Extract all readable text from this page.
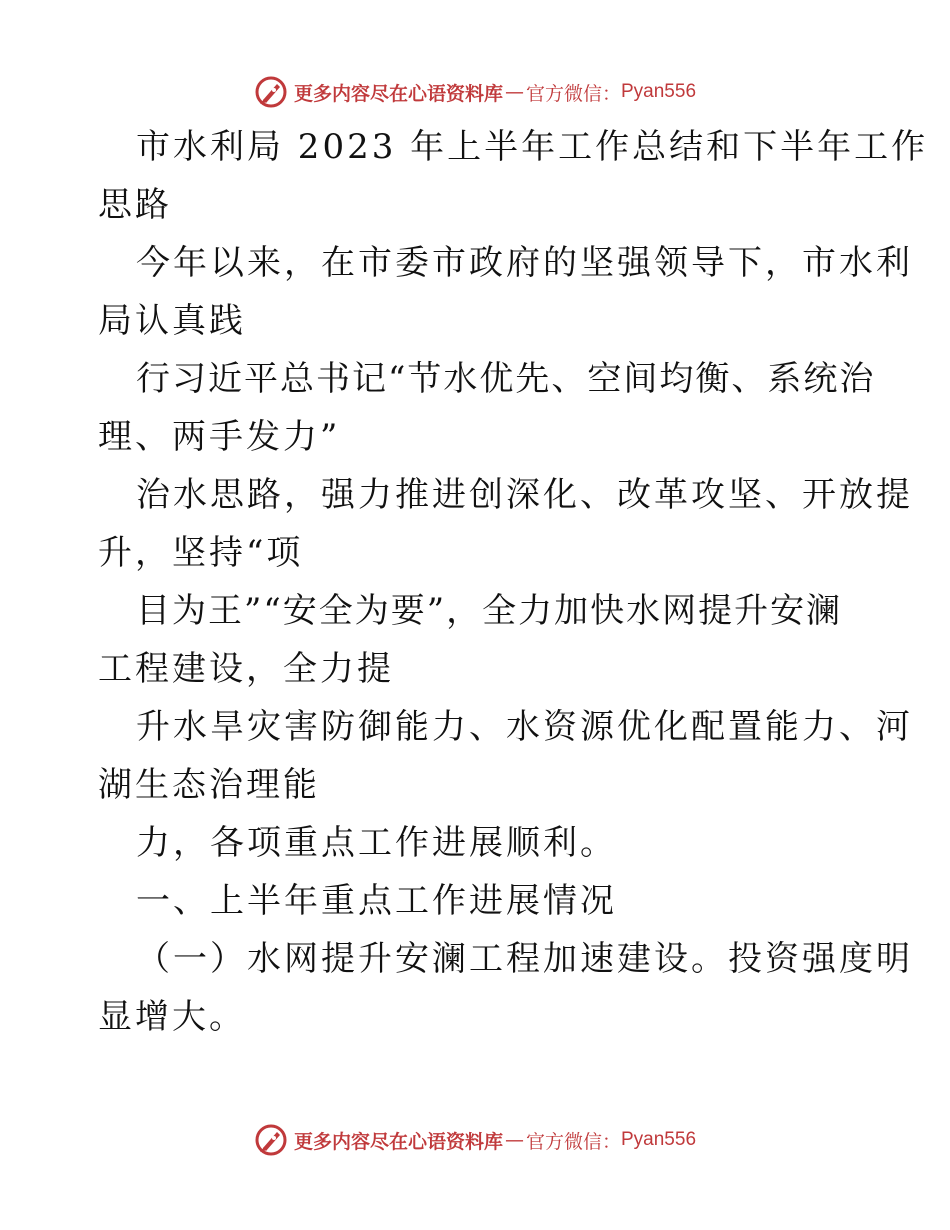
更多内容尽在心语资料库 — 官方微信： Pyan556
市水利局 2023 年上半年工作总结和下半年工作
思路
今年以来，在市委市政府的坚强领导下，市水利
局认真践
行习近平总书记“节水优先、空间均衡、系统治
理、两手发力”
治水思路，强力推进创深化、改革攻坚、开放提
升，坚持“项
目为王”“安全为要”，全力加快水网提升安澜
工程建设，全力提
升水旱灾害防御能力、水资源优化配置能力、河
湖生态治理能
力，各项重点工作进展顺利。
一、上半年重点工作进展情况
（一）水网提升安澜工程加速建设。投资强度明
显增大。
更多内容尽在心语资料库 — 官方微信： Pyan556
